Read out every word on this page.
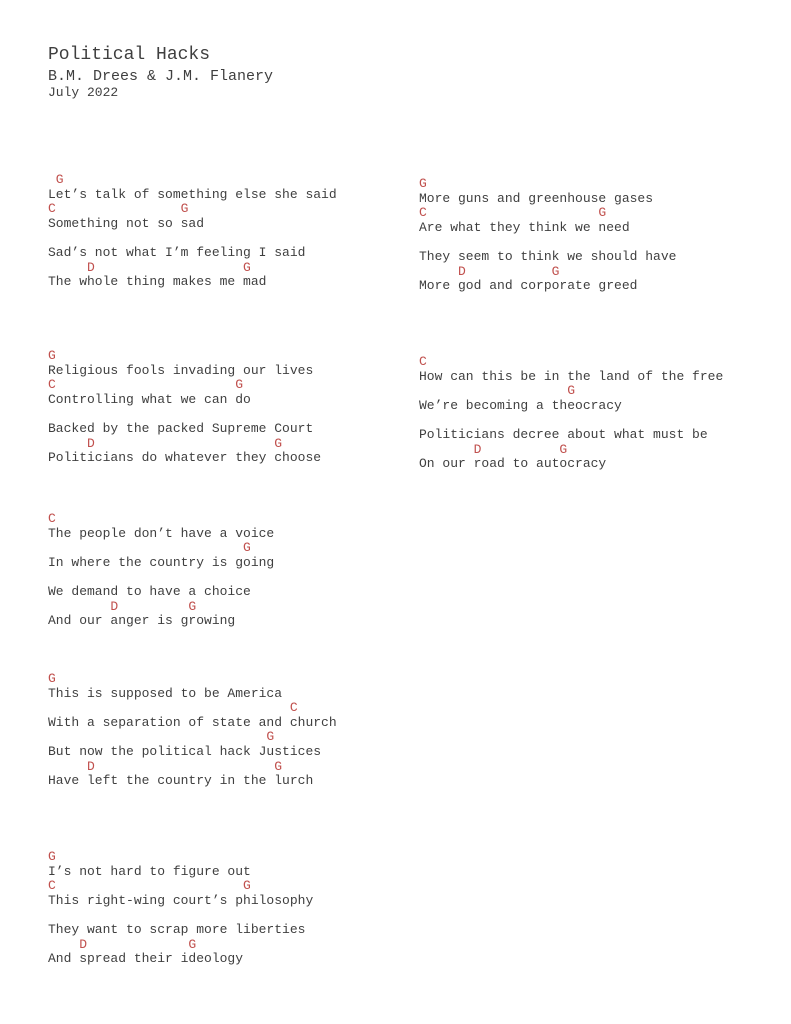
Political Hacks
B.M. Drees & J.M. Flanery
July 2022
G
Let’s talk of something else she said
C                G
Something not so sad
Sad’s not what I’m feeling I said
D                   G
The whole thing makes me mad
G
More guns and greenhouse gases
C                      G
Are what they think we need
They seem to think we should have
D           G
More god and corporate greed
G
Religious fools invading our lives
C                       G
Controlling what we can do
Backed by the packed Supreme Court
D                       G
Politicians do whatever they choose
C
How can this be in the land of the free
G
We’re becoming a theocracy
Politicians decree about what must be
D          G
On our road to autocracy
C
The people don’t have a voice
G
In where the country is going
We demand to have a choice
D         G
And our anger is growing
G
This is supposed to be America
C
With a separation of state and church
G
But now the political hack Justices
D                       G
Have left the country in the lurch
G
I’s not hard to figure out
C                        G
This right-wing court’s philosophy
They want to scrap more liberties
D             G
And spread their ideology
